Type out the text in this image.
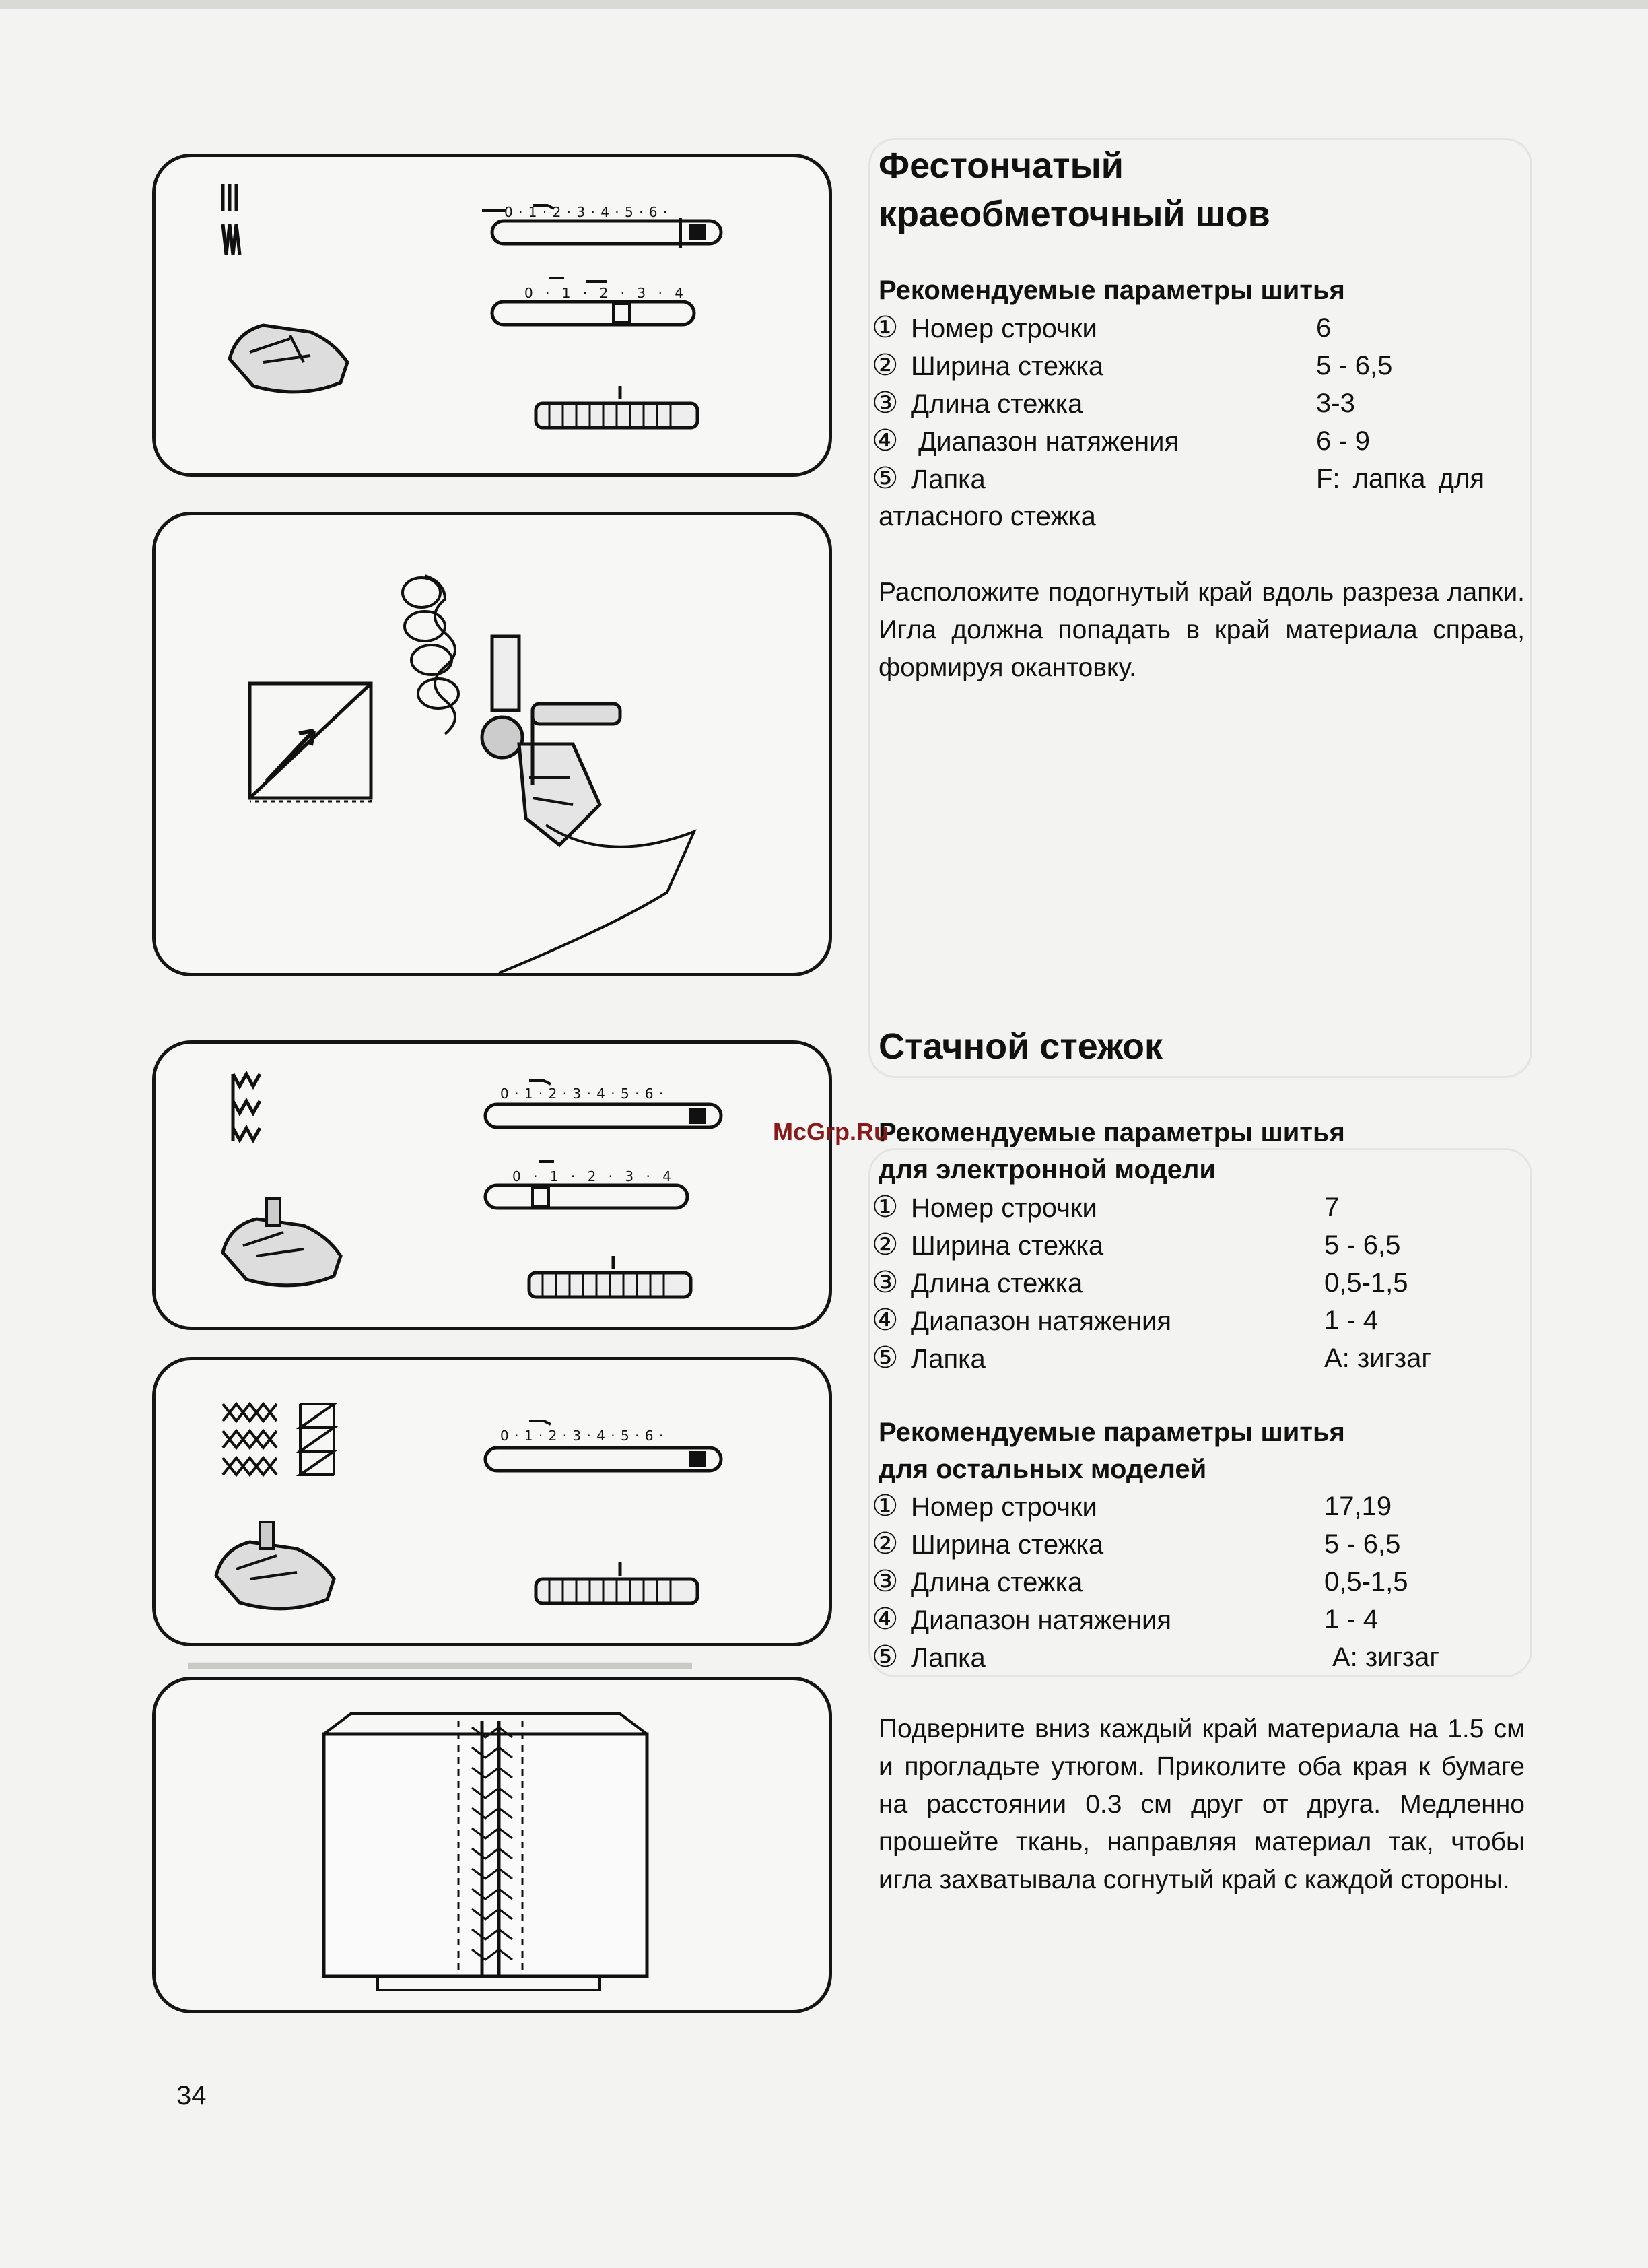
▬▬▬▬▬▬▬▬▬▬▬▬▬▬▬▬▬▬▬▬▬▬
0 · 1 · 2 · 3 · 4 · 5 · 6 ·
0 · 1 · 2 · 3 · 4
0 · 1 · 2 · 3 · 4 · 5 · 6 ·
0 · 1 · 2 · 3 · 4
0 · 1 · 2 · 3 · 4 · 5 · 6 ·
Фестончатый
краеобметочный шов
Рекомендуемые параметры шитья
① Номер строчки	6
② Ширина стежка	5 - 6,5
③ Длина стежка	3-3
④ Диапазон натяжения	6 - 9
⑤ Лапка	F: лапка для
атласного стежка
Расположите подогнутый край вдоль разреза лапки. Игла должна попадать в край материала справа, формируя окантовку.
Стачной стежок
Рекомендуемые параметры шитья
для электронной модели
① Номер строчки	7
② Ширина стежка	5 - 6,5
③ Длина стежка	0,5-1,5
④ Диапазон натяжения	1 - 4
⑤ Лапка	А: зигзаг
Рекомендуемые параметры шитья
для остальных моделей
① Номер строчки	17,19
② Ширина стежка	5 - 6,5
③ Длина стежка	0,5-1,5
④ Диапазон натяжения	1 - 4
⑤ Лапка	А: зигзаг
Подверните вниз каждый край материала на 1.5 см и прогладьте утюгом. Приколите оба края к бумаге на расстоянии 0.3 см друг от друга. Медленно прошейте ткань, направляя материал так, чтобы игла захватывала согнутый край с каждой стороны.
McGrp.Ru
34
